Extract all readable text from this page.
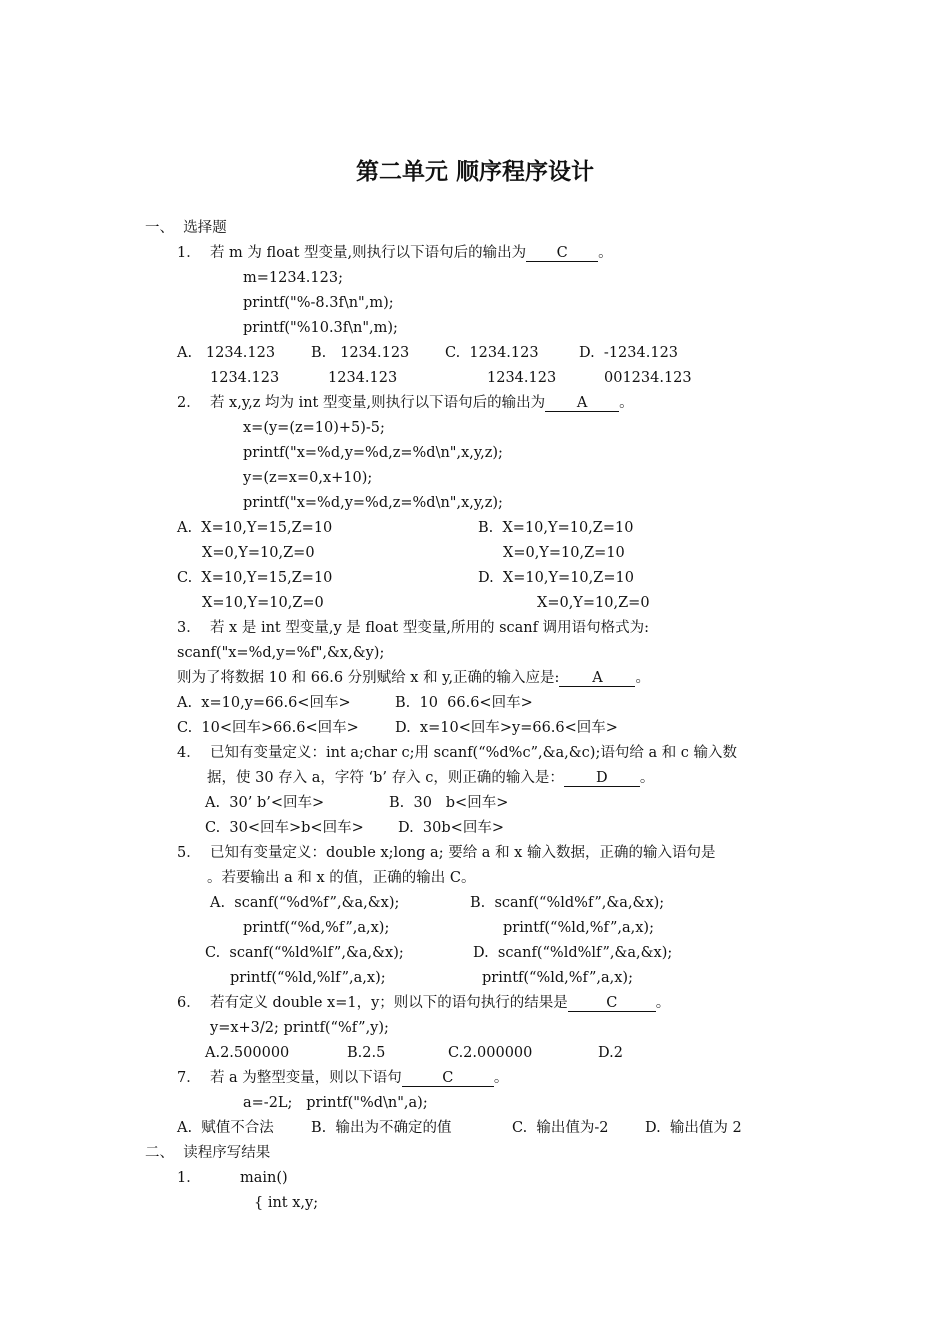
第二单元 顺序程序设计
一、  选择题
1．  若 m 为 float 型变量,则执行以下语句后的输出为 C 。
m=1234.123;
printf("%-8.3f\n",m);
printf("%10.3f\n",m);
A.   1234.123 B.   1234.123 C.  1234.123	D.  -1234.123
1234.123	1234.123	1234.123	001234.123
2．  若 x,y,z 均为 int 型变量,则执行以下语句后的输出为 A 。
x=(y=(z=10)+5)-5;
printf("x=%d,y=%d,z=%d\n",x,y,z);
y=(z=x=0,x+10);
printf("x=%d,y=%d,z=%d\n",x,y,z);
A.  X=10,Y=15,Z=10	B.  X=10,Y=10,Z=10
X=0,Y=10,Z=0	X=0,Y=10,Z=10
C.  X=10,Y=15,Z=10	D.  X=10,Y=10,Z=10
X=10,Y=10,Z=0	X=0,Y=10,Z=0
3．  若 x 是 int 型变量,y 是 float 型变量,所用的 scanf 调用语句格式为:
scanf("x=%d,y=%f",&x,&y);
则为了将数据 10 和 66.6 分别赋给 x 和 y,正确的输入应是: A 。
A.  x=10,y=66.6<回车>	B.  10  66.6<回车>
C.  10<回车>66.6<回车>	D.  x=10<回车>y=66.6<回车>
4．  已知有变量定义：int a;char c;用 scanf(“%d%c”,&a,&c);语句给 a 和 c 输入数
据，使 30 存入 a，字符 ‘b’ 存入 c，则正确的输入是： D 。
A.  30’ b’<回车>	B.  30   b<回车>
C.  30<回车>b<回车> D.  30b<回车>
5．  已知有变量定义：double x;long a; 要给 a 和 x 输入数据，正确的输入语句是
。若要输出 a 和 x 的值，正确的输出 C。
A.  scanf(“%d%f”,&a,&x);	B.  scanf(“%ld%f”,&a,&x);
printf(“%d,%f”,a,x);	printf(“%ld,%f”,a,x);
C.  scanf(“%ld%lf”,&a,&x);	D.  scanf(“%ld%lf”,&a,&x);
printf(“%ld,%lf”,a,x);	printf(“%ld,%f”,a,x);
6．  若有定义 double x=1，y；则以下的语句执行的结果是	C	。
y=x+3/2; printf(“%f”,y);
A.2.500000	B.2.5	C.2.000000	D.2
7．  若 a 为整型变量，则以下语句	C	。
a=-2L;   printf("%d\n",a);
A.  赋值不合法	B.  输出为不确定的值	C.  输出值为-2	D.  输出值为 2
二、  读程序写结果
1．	main()
{ int x,y;
